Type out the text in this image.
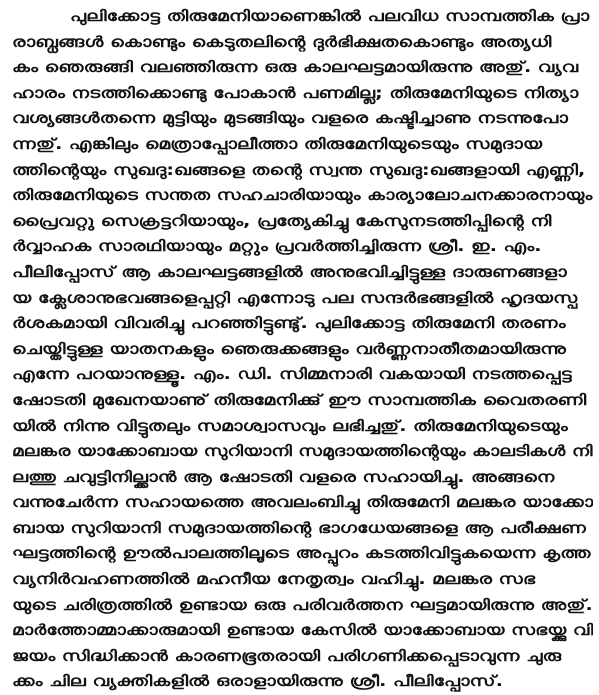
പുലിക്കോട്ട തിരുമേനിയാണെങ്കിൽ പലവിധ സാമ്പത്തിക പ്രാ
രാബ്ധങ്ങൾ കൊണ്ടും കെടുതലിന്റെ ദുർഭിക്ഷതകൊണ്ടും അത്യധി
കം ഞെരുങ്ങി വലഞ്ഞിരുന്ന ഒരു കാലഘട്ടമായിരുന്നു അതു്. വ്യവ
ഹാരം നടത്തിക്കൊണ്ടു പോകാൻ പണമില്ല; തിരുമേനിയുടെ നിത്യാ
വശ്യങ്ങൾതന്നെ മുട്ടിയും മുടങ്ങിയും വളരെ കഷ്ടിച്ചാണു നടന്നുപോ
ന്നതു്. എങ്കിലും മെത്രാപ്പോലീത്താ തിരുമേനിയുടെയും സമുദായ
ത്തിന്റെയും സുഖദു:ഖങ്ങളെ തന്റെ സ്വന്ത സുഖദു:ഖങ്ങളായി എണ്ണി,
തിരുമേനിയുടെ സന്തത സഹചാരിയായും കാര്യാലോചനക്കാരനായും
പ്രൈവറ്റു സെക്രട്ടറിയായും, പ്രത്യേകിച്ചു കേസുനടത്തിപ്പിന്റെ നി
ർവ്വാഹക സാരഥിയായും മറ്റും പ്രവർത്തിച്ചിരുന്ന ശ്രീ. ഇ. എം.
പീലിപ്പോസ് ആ കാലഘട്ടങ്ങളിൽ അനുഭവിച്ചിട്ടുള്ള ദാരുണങ്ങളാ
യ ക്ലേശാനുഭവങ്ങളെപ്പറ്റി എന്നോടു പല സന്ദർഭങ്ങളിൽ ഹൃദയസ്പ
ർശകമായി വിവരിച്ചു പറഞ്ഞിട്ടുണ്ടു്. പുലിക്കോട്ട തിരുമേനി തരണം
ചെയ്തിട്ടുള്ള യാതനകളും ഞെരുക്കങ്ങളും വർണ്ണനാതീതമായിരുന്നു
എന്നേ പറയാനുള്ളൂ. എം. ഡി. സിമ്മനാരി വകയായി നടത്തപ്പെട്ട
ഷോടതി മുഖേനയാണു് തിരുമേനിക്കു് ഈ സാമ്പത്തിക വൈതരണി
യിൽ നിന്നു വിട്ടുതലും സമാശ്വാസവും ലഭിച്ചതു്. തിരുമേനിയുടെയും
മലങ്കര യാക്കോബായ സുറിയാനി സമുദായത്തിന്റെയും കാലടികൾ നി
ലത്തു ചവുട്ടിനില്ക്കാൻ ആ ഷോടതി വളരെ സഹായിച്ചു. അങ്ങനെ
വന്നുചേർന്ന സഹായത്തെ അവലംബിച്ചു തിരുമേനി മലങ്കര യാക്കോ
ബായ സുറിയാനി സമുദായത്തിന്റെ ഭാഗധേയങ്ങളെ ആ പരീക്ഷണ
ഘട്ടത്തിന്റെ ഊൽപാലത്തിലൂടെ അപ്പുറം കടത്തിവിട്ടുകയെന്ന കൃത്ത
വ്യനിർവഹണത്തിൽ മഹനീയ നേതൃത്വം വഹിച്ചു. മലങ്കര സഭ
യുടെ ചരിത്രത്തിൽ ഉണ്ടായ ഒരു പരിവർത്തന ഘട്ടമായിരുന്നു അതു്.
മാർത്തോമ്മാക്കാരുമായി ഉണ്ടായ കേസിൽ യാക്കോബായ സഭയ്ക്കു വി
ജയം സിദ്ധിക്കാൻ കാരണഭൂതരായി പരിഗണിക്കപ്പെടാവുന്ന ചുരു
ക്കം ചില വ്യക്തികളിൽ ഒരാളായിരുന്നു ശ്രീ. പീലിപ്പോസ്.
